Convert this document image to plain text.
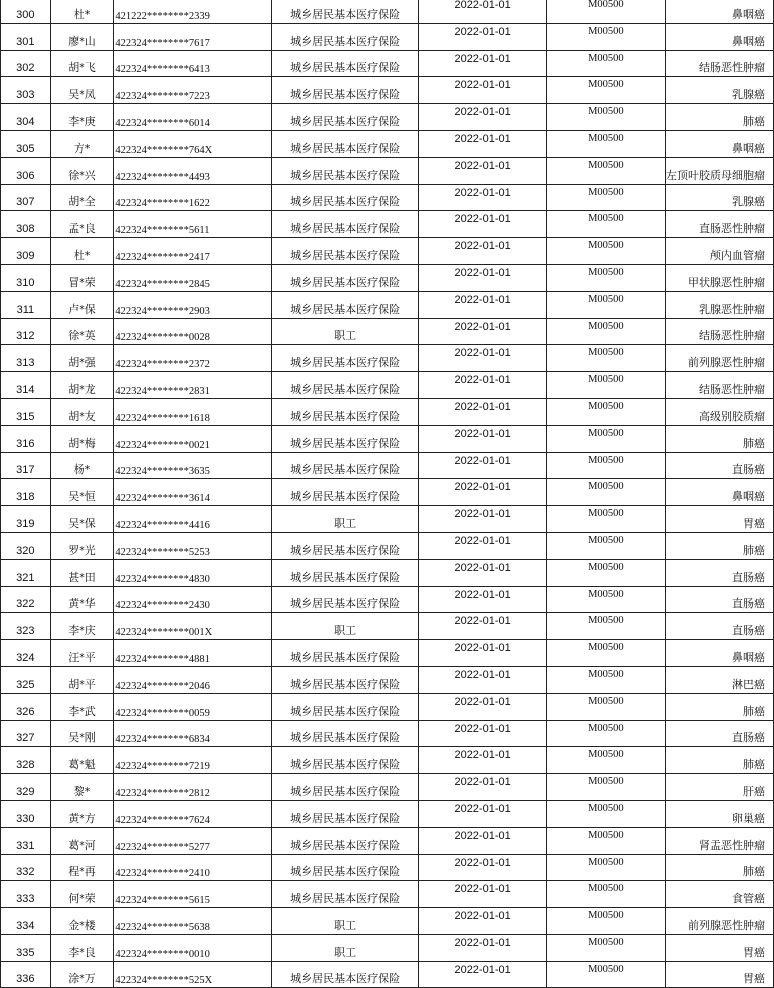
300	杜*	421222********2339	城乡居民基本医疗保险	2022-01-01	M00500	鼻咽癌
301	廖*山	422324********7617	城乡居民基本医疗保险	2022-01-01	M00500	鼻咽癌
302	胡*飞	422324********6413	城乡居民基本医疗保险	2022-01-01	M00500	结肠恶性肿瘤
303	吴*凤	422324********7223	城乡居民基本医疗保险	2022-01-01	M00500	乳腺癌
304	李*庚	422324********6014	城乡居民基本医疗保险	2022-01-01	M00500	肺癌
305	方*	422324********764X	城乡居民基本医疗保险	2022-01-01	M00500	鼻咽癌
306	徐*兴	422324********4493	城乡居民基本医疗保险	2022-01-01	M00500	左顶叶胶质母细胞瘤
307	胡*全	422324********1622	城乡居民基本医疗保险	2022-01-01	M00500	乳腺癌
308	孟*良	422324********5611	城乡居民基本医疗保险	2022-01-01	M00500	直肠恶性肿瘤
309	杜*	422324********2417	城乡居民基本医疗保险	2022-01-01	M00500	颅内血管瘤
310	冒*荣	422324********2845	城乡居民基本医疗保险	2022-01-01	M00500	甲状腺恶性肿瘤
311	卢*保	422324********2903	城乡居民基本医疗保险	2022-01-01	M00500	乳腺恶性肿瘤
312	徐*英	422324********0028	职工	2022-01-01	M00500	结肠恶性肿瘤
313	胡*强	422324********2372	城乡居民基本医疗保险	2022-01-01	M00500	前列腺恶性肿瘤
314	胡*龙	422324********2831	城乡居民基本医疗保险	2022-01-01	M00500	结肠恶性肿瘤
315	胡*友	422324********1618	城乡居民基本医疗保险	2022-01-01	M00500	高级别胶质瘤
316	胡*梅	422324********0021	城乡居民基本医疗保险	2022-01-01	M00500	肺癌
317	杨*	422324********3635	城乡居民基本医疗保险	2022-01-01	M00500	直肠癌
318	吴*恒	422324********3614	城乡居民基本医疗保险	2022-01-01	M00500	鼻咽癌
319	吴*保	422324********4416	职工	2022-01-01	M00500	胃癌
320	罗*光	422324********5253	城乡居民基本医疗保险	2022-01-01	M00500	肺癌
321	甚*田	422324********4830	城乡居民基本医疗保险	2022-01-01	M00500	直肠癌
322	黄*华	422324********2430	城乡居民基本医疗保险	2022-01-01	M00500	直肠癌
323	李*庆	422324********001X	职工	2022-01-01	M00500	直肠癌
324	汪*平	422324********4881	城乡居民基本医疗保险	2022-01-01	M00500	鼻咽癌
325	胡*平	422324********2046	城乡居民基本医疗保险	2022-01-01	M00500	淋巴癌
326	李*武	422324********0059	城乡居民基本医疗保险	2022-01-01	M00500	肺癌
327	吴*刚	422324********6834	城乡居民基本医疗保险	2022-01-01	M00500	直肠癌
328	葛*魁	422324********7219	城乡居民基本医疗保险	2022-01-01	M00500	肺癌
329	黎*	422324********2812	城乡居民基本医疗保险	2022-01-01	M00500	肝癌
330	黄*方	422324********7624	城乡居民基本医疗保险	2022-01-01	M00500	卵巢癌
331	葛*河	422324********5277	城乡居民基本医疗保险	2022-01-01	M00500	肾盂恶性肿瘤
332	程*再	422324********2410	城乡居民基本医疗保险	2022-01-01	M00500	肺癌
333	何*荣	422324********5615	城乡居民基本医疗保险	2022-01-01	M00500	食管癌
334	金*楼	422324********5638	职工	2022-01-01	M00500	前列腺恶性肿瘤
335	李*良	422324********0010	职工	2022-01-01	M00500	胃癌
336	涂*万	422324********525X	城乡居民基本医疗保险	2022-01-01	M00500	胃癌
